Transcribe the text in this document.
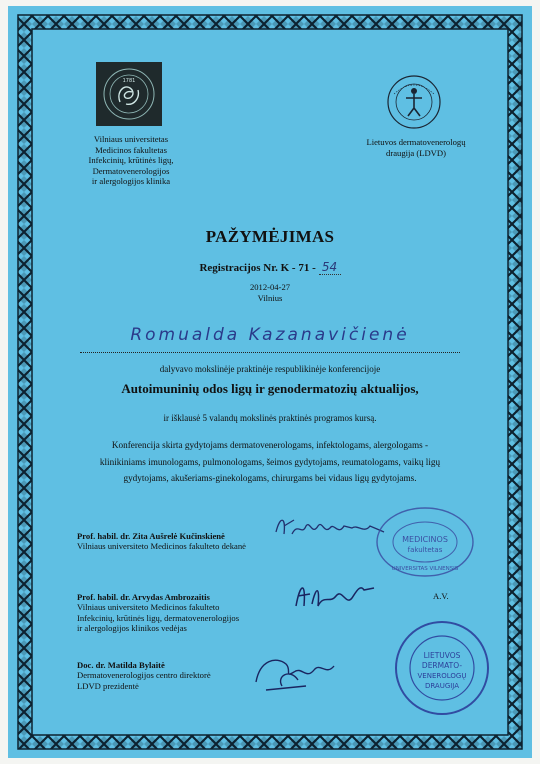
1781
Vilniaus universitetas
Medicinos fakultetas
Infekcinių, krūtinės ligų,
Dermatovenerologijos
ir alergologijos klinika
Lietuvos dermatovenerologų
draugija (LDVD)
PAŽYMĖJIMAS
Registracijos Nr. K - 71 - 54
2012-04-27
Vilnius
Romualda Kazanavičienė
dalyvavo mokslinėje praktinėje respublikinėje konferencijoje
Autoimuninių odos ligų ir genodermatozių aktualijos,
ir išklausė 5 valandų mokslinės praktinės programos kursą.
Konferencija skirta gydytojams dermatovenerologams, infektologams, alergologams - klinikiniams imunologams, pulmonologams, šeimos gydytojams, reumatologams, vaikų ligų gydytojams, akušeriams-ginekologams, chirurgams bei vidaus ligų gydytojams.
Prof. habil. dr. Zita Aušrelė Kučinskienė
Vilniaus universiteto Medicinos fakulteto dekanė
Prof. habil. dr. Arvydas Ambrozaitis
Vilniaus universiteto Medicinos fakulteto
Infekcinių, krūtinės ligų, dermatovenerologijos
ir alergologijos klinikos vedėjas
Doc. dr. Matilda Bylaitė
Dermatovenerologijos centro direktorė
LDVD prezidentė
A.V.
MEDICINOS
fakultetas
UNIVERSITAS VILNENSIS
LIETUVOS
DERMATO-
VENEROLOGŲ
DRAUGIJA
